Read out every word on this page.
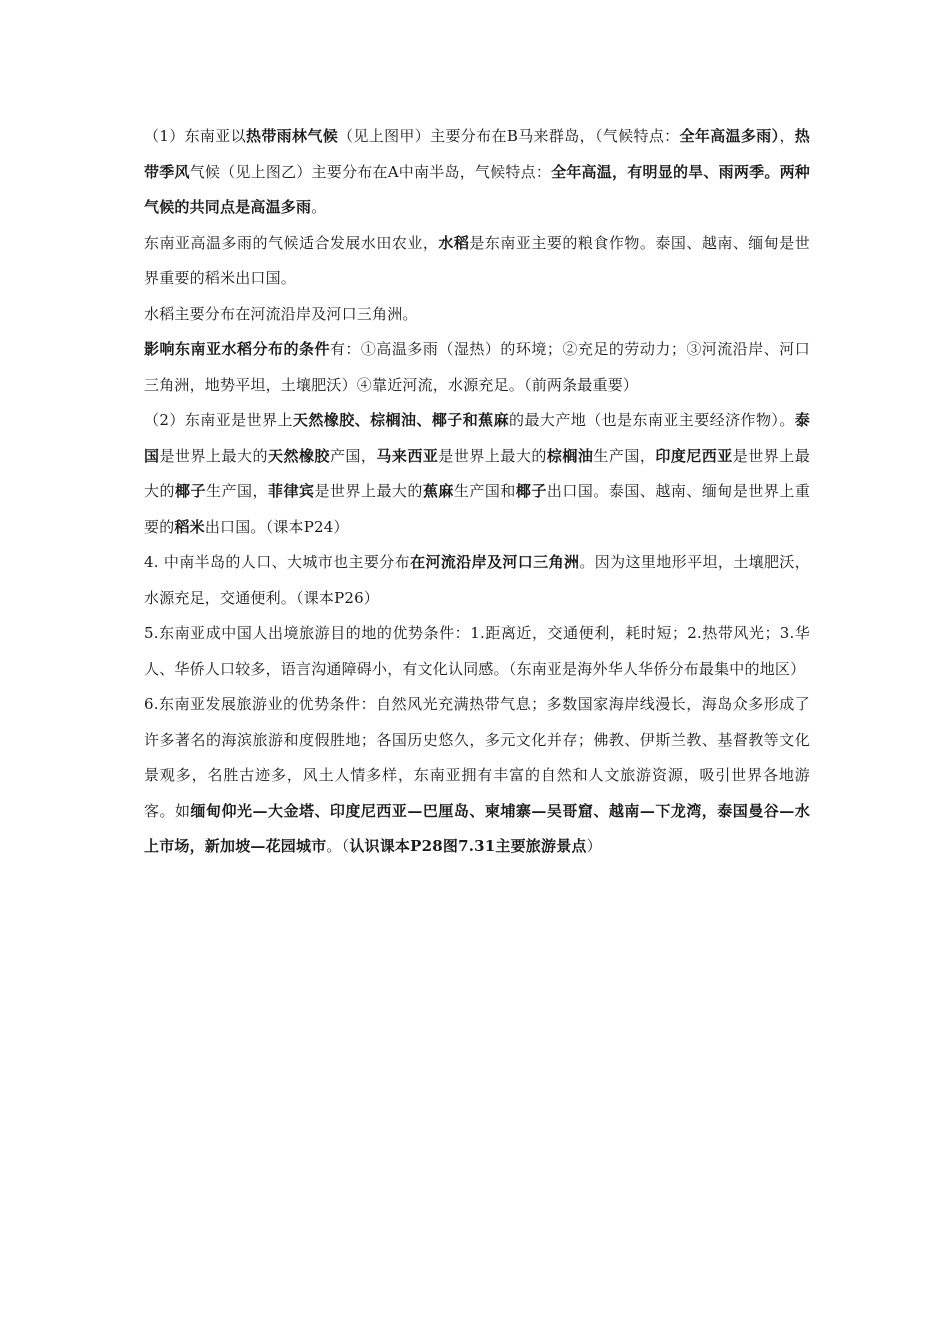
（1）东南亚以热带雨林气候（见上图甲）主要分布在B马来群岛，（气候特点：全年高温多雨），热带季风气候（见上图乙）主要分布在A中南半岛，气候特点：全年高温，有明显的旱、雨两季。两种气候的共同点是高温多雨。

东南亚高温多雨的气候适合发展水田农业，水稻是东南亚主要的粮食作物。泰国、越南、缅甸是世界重要的稻米出口国。

水稻主要分布在河流沿岸及河口三角洲。

影响东南亚水稻分布的条件有：①高温多雨（湿热）的环境；②充足的劳动力；③河流沿岸、河口三角洲，地势平坦，土壤肥沃）④靠近河流，水源充足。（前两条最重要）

（2）东南亚是世界上天然橡胶、棕榈油、椰子和蕉麻的最大产地（也是东南亚主要经济作物）。泰国是世界上最大的天然橡胶产国，马来西亚是世界上最大的棕榈油生产国，印度尼西亚是世界上最大的椰子生产国，菲律宾是世界上最大的蕉麻生产国和椰子出口国。泰国、越南、缅甸是世界上重要的稻米出口国。（课本P24）

4. 中南半岛的人口、大城市也主要分布在河流沿岸及河口三角洲。因为这里地形平坦，土壤肥沃，水源充足，交通便利。（课本P26）

5.东南亚成中国人出境旅游目的地的优势条件：1.距离近，交通便利，耗时短；2.热带风光；3.华人、华侨人口较多，语言沟通障碍小，有文化认同感。（东南亚是海外华人华侨分布最集中的地区）

6.东南亚发展旅游业的优势条件：自然风光充满热带气息；多数国家海岸线漫长，海岛众多形成了许多著名的海滨旅游和度假胜地；各国历史悠久，多元文化并存；佛教、伊斯兰教、基督教等文化景观多，名胜古迹多，风土人情多样，东南亚拥有丰富的自然和人文旅游资源，吸引世界各地游客。如缅甸仰光—大金塔、印度尼西亚—巴厘岛、柬埔寨—吴哥窟、越南—下龙湾，泰国曼谷—水上市场，新加坡—花园城市。（认识课本P28图7.31主要旅游景点）
